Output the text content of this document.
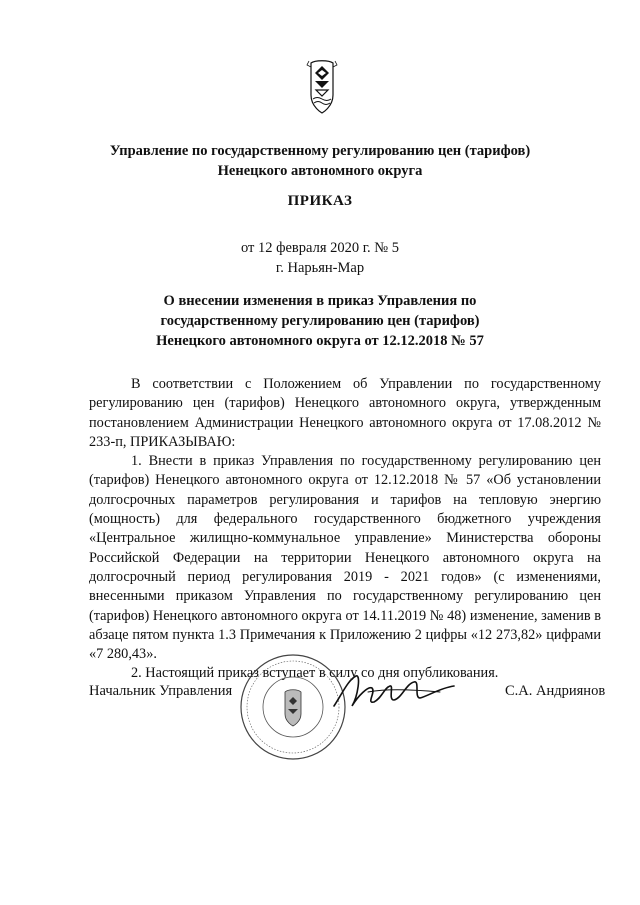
Управление по государственному регулированию цен (тарифов)
Ненецкого автономного округа
ПРИКАЗ
от 12 февраля 2020 г. № 5
г. Нарьян-Мар
О внесении изменения в приказ Управления по
государственному регулированию цен (тарифов)
Ненецкого автономного округа от 12.12.2018 № 57

В соответствии с Положением об Управлении по государственному регулированию цен (тарифов) Ненецкого автономного округа, утвержденным постановлением Администрации Ненецкого автономного округа от 17.08.2012 № 233-п, ПРИКАЗЫВАЮ:

1. Внести в приказ Управления по государственному регулированию цен (тарифов) Ненецкого автономного округа от 12.12.2018 № 57 «Об установлении долгосрочных параметров регулирования и тарифов на тепловую энергию (мощность) для федерального государственного бюджетного учреждения «Центральное жилищно-коммунальное управление» Министерства обороны Российской Федерации на территории Ненецкого автономного округа на долгосрочный период регулирования 2019 - 2021 годов» (с изменениями, внесенными приказом Управления по государственному регулированию цен (тарифов) Ненецкого автономного округа от 14.11.2019 № 48) изменение, заменив в абзаце пятом пункта 1.3 Примечания к Приложению 2 цифры «12 273,82» цифрами «7 280,43».

2. Настоящий приказ вступает в силу со дня опубликования.

Начальник Управления	С.А. Андриянов
